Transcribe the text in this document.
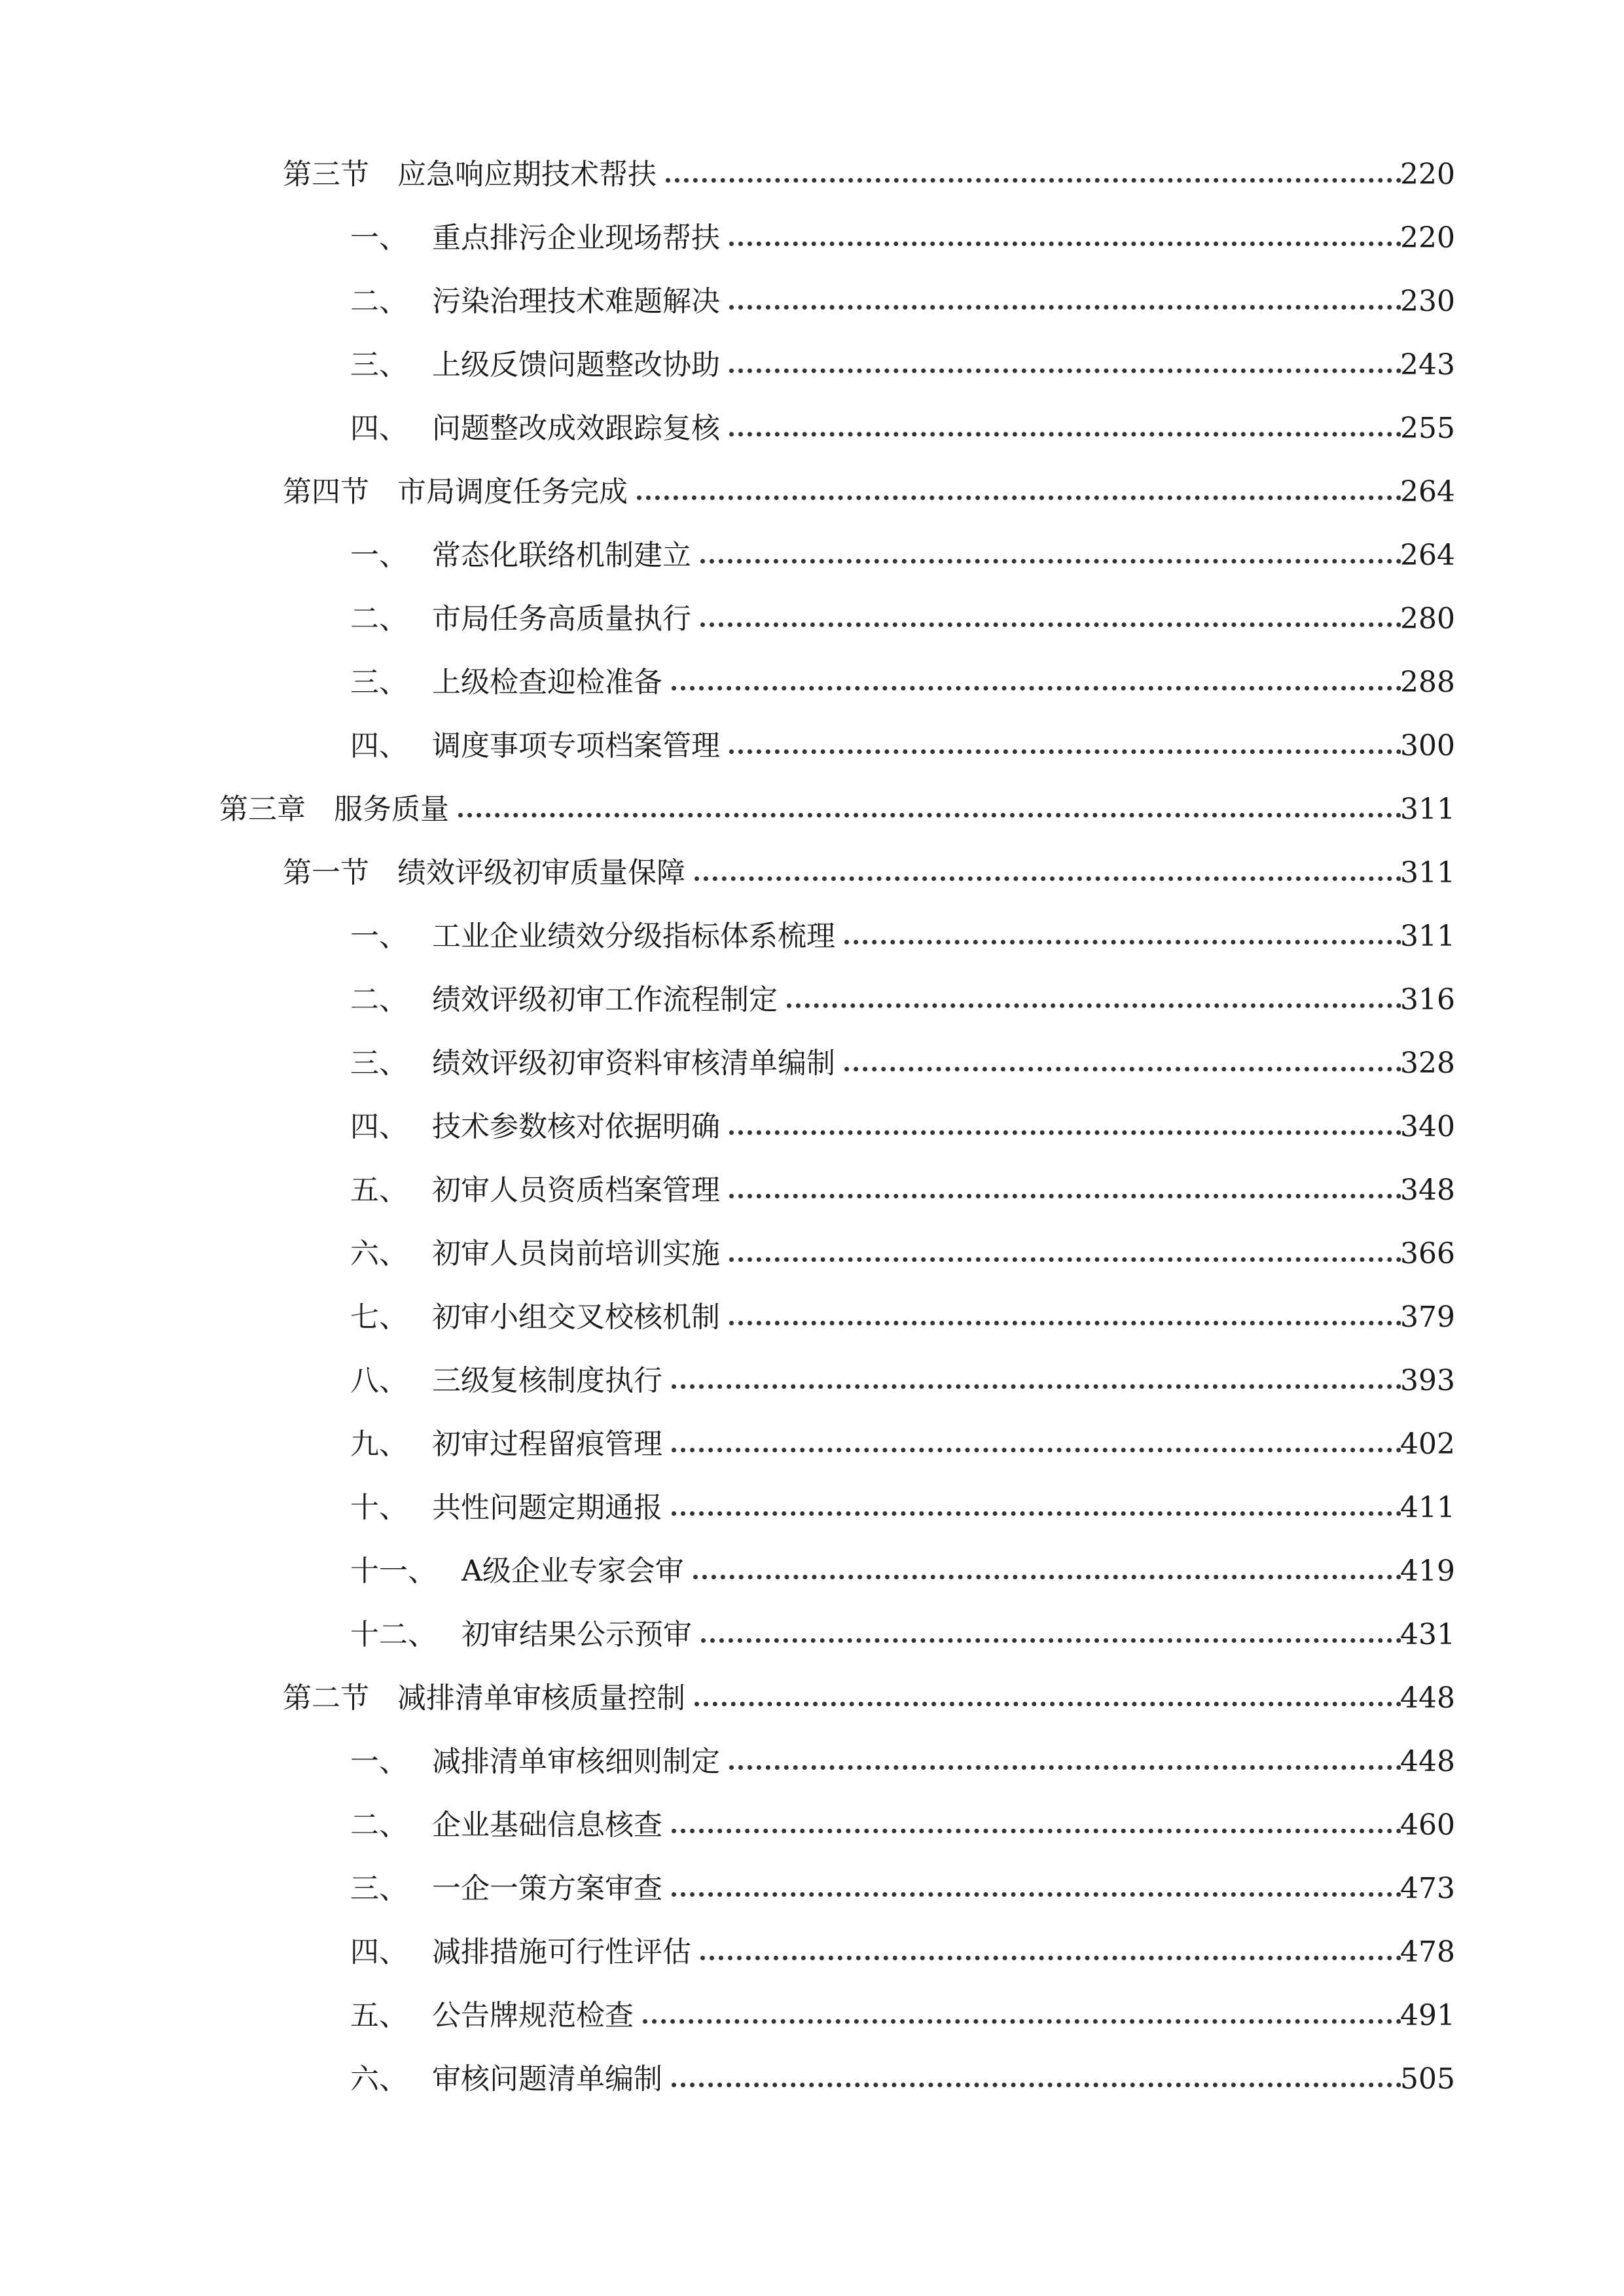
第三节 应急响应期技术帮扶	220
一、 重点排污企业现场帮扶	220
二、 污染治理技术难题解决	230
三、 上级反馈问题整改协助	243
四、 问题整改成效跟踪复核	255
第四节 市局调度任务完成	264
一、 常态化联络机制建立	264
二、 市局任务高质量执行	280
三、 上级检查迎检准备	288
四、 调度事项专项档案管理	300
第三章 服务质量	311
第一节 绩效评级初审质量保障	311
一、 工业企业绩效分级指标体系梳理	311
二、 绩效评级初审工作流程制定	316
三、 绩效评级初审资料审核清单编制	328
四、 技术参数核对依据明确	340
五、 初审人员资质档案管理	348
六、 初审人员岗前培训实施	366
七、 初审小组交叉校核机制	379
八、 三级复核制度执行	393
九、 初审过程留痕管理	402
十、 共性问题定期通报	411
十一、 A级企业专家会审	419
十二、 初审结果公示预审	431
第二节 减排清单审核质量控制	448
一、 减排清单审核细则制定	448
二、 企业基础信息核查	460
三、 一企一策方案审查	473
四、 减排措施可行性评估	478
五、 公告牌规范检查	491
六、 审核问题清单编制	505
